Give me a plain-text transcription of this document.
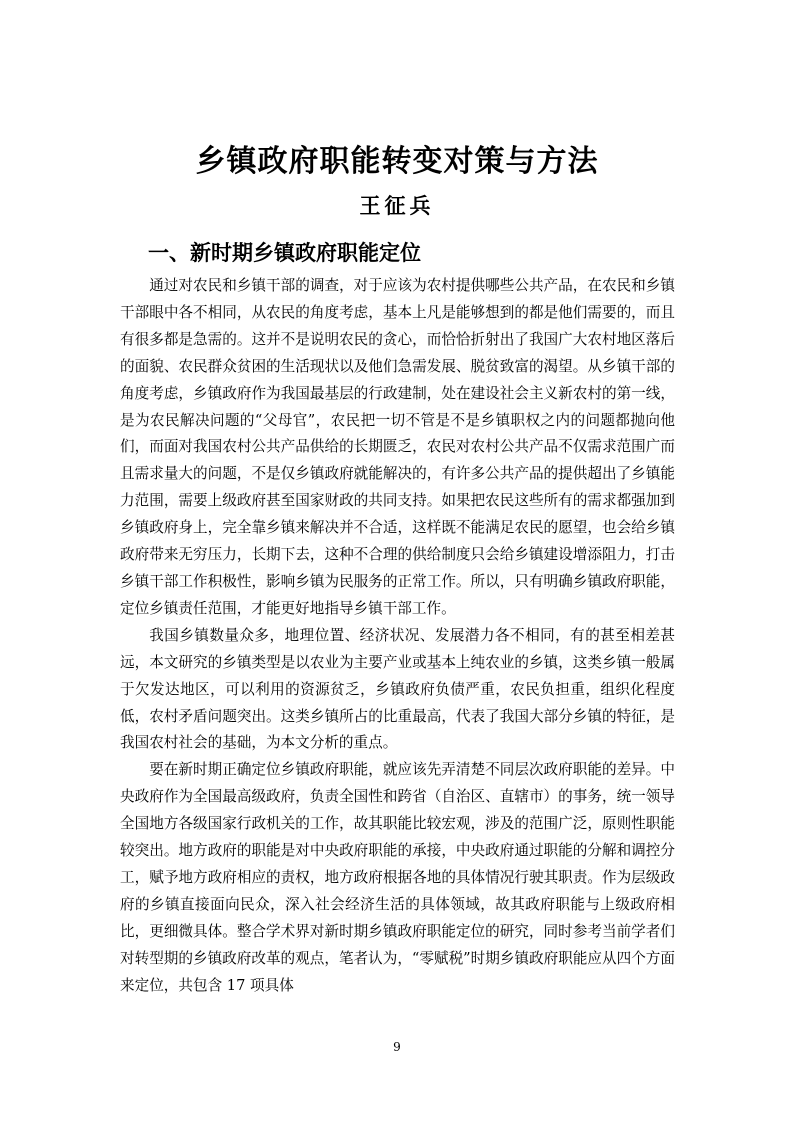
乡镇政府职能转变对策与方法
王征兵
一、新时期乡镇政府职能定位

通过对农民和乡镇干部的调查，对于应该为农村提供哪些公共产品，在农民和乡镇干部眼中各不相同，从农民的角度考虑，基本上凡是能够想到的都是他们需要的，而且有很多都是急需的。这并不是说明农民的贪心，而恰恰折射出了我国广大农村地区落后的面貌、农民群众贫困的生活现状以及他们急需发展、脱贫致富的渴望。从乡镇干部的角度考虑，乡镇政府作为我国最基层的行政建制，处在建设社会主义新农村的第一线，是为农民解决问题的“父母官”，农民把一切不管是不是乡镇职权之内的问题都抛向他们，而面对我国农村公共产品供给的长期匮乏，农民对农村公共产品不仅需求范围广而且需求量大的问题，不是仅乡镇政府就能解决的，有许多公共产品的提供超出了乡镇能力范围，需要上级政府甚至国家财政的共同支持。如果把农民这些所有的需求都强加到乡镇政府身上，完全靠乡镇来解决并不合适，这样既不能满足农民的愿望，也会给乡镇政府带来无穷压力，长期下去，这种不合理的供给制度只会给乡镇建设增添阻力，打击乡镇干部工作积极性，影响乡镇为民服务的正常工作。所以，只有明确乡镇政府职能，定位乡镇责任范围，才能更好地指导乡镇干部工作。

我国乡镇数量众多，地理位置、经济状况、发展潜力各不相同，有的甚至相差甚远，本文研究的乡镇类型是以农业为主要产业或基本上纯农业的乡镇，这类乡镇一般属于欠发达地区，可以利用的资源贫乏，乡镇政府负债严重，农民负担重，组织化程度低，农村矛盾问题突出。这类乡镇所占的比重最高，代表了我国大部分乡镇的特征，是我国农村社会的基础，为本文分析的重点。

要在新时期正确定位乡镇政府职能，就应该先弄清楚不同层次政府职能的差异。中央政府作为全国最高级政府，负责全国性和跨省（自治区、直辖市）的事务，统一领导全国地方各级国家行政机关的工作，故其职能比较宏观，涉及的范围广泛，原则性职能较突出。地方政府的职能是对中央政府职能的承接，中央政府通过职能的分解和调控分工，赋予地方政府相应的责权，地方政府根据各地的具体情况行驶其职责。作为层级政府的乡镇直接面向民众，深入社会经济生活的具体领域，故其政府职能与上级政府相比，更细微具体。整合学术界对新时期乡镇政府职能定位的研究，同时参考当前学者们对转型期的乡镇政府改革的观点，笔者认为，“零赋税”时期乡镇政府职能应从四个方面来定位，共包含 17 项具体

9
